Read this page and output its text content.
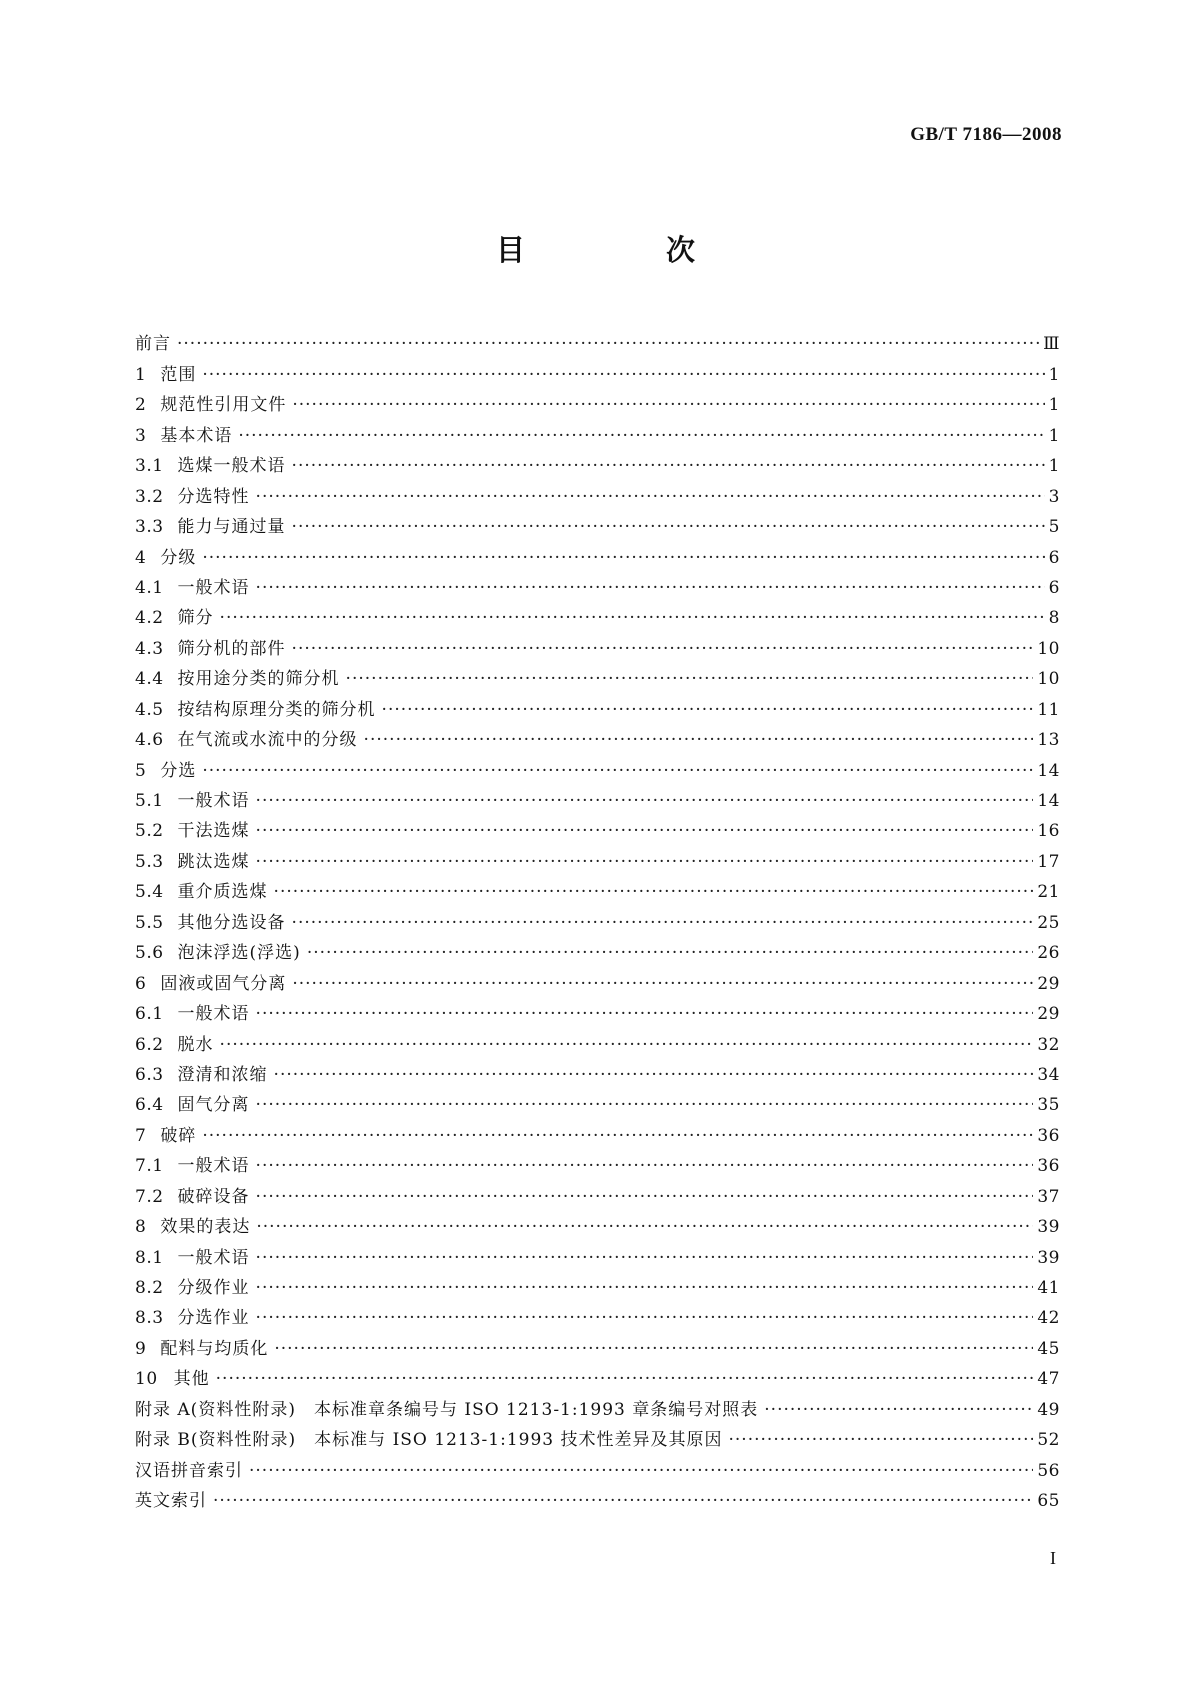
GB/T 7186—2008
目　次
前言 ·····	Ⅲ
1 范围 ·····	1
2 规范性引用文件 ·····	1
3 基本术语 ·····	1
3.1 选煤一般术语 ·····	1
3.2 分选特性 ·····	3
3.3 能力与通过量 ·····	5
4 分级 ·····	6
4.1 一般术语 ·····	6
4.2 筛分 ·····	8
4.3 筛分机的部件 ·····	10
4.4 按用途分类的筛分机 ·····	10
4.5 按结构原理分类的筛分机 ·····	11
4.6 在气流或水流中的分级 ·····	13
5 分选 ·····	14
5.1 一般术语 ·····	14
5.2 干法选煤 ·····	16
5.3 跳汰选煤 ·····	17
5.4 重介质选煤 ·····	21
5.5 其他分选设备 ·····	25
5.6 泡沫浮选(浮选) ·····	26
6 固液或固气分离 ·····	29
6.1 一般术语 ·····	29
6.2 脱水 ·····	32
6.3 澄清和浓缩 ·····	34
6.4 固气分离 ·····	35
7 破碎 ·····	36
7.1 一般术语 ·····	36
7.2 破碎设备 ·····	37
8 效果的表达 ·····	39
8.1 一般术语 ·····	39
8.2 分级作业 ·····	41
8.3 分选作业 ·····	42
9 配料与均质化 ·····	45
10 其他 ·····	47
附录 A(资料性附录)　本标准章条编号与 ISO 1213-1:1993 章条编号对照表 ·····	49
附录 B(资料性附录)　本标准与 ISO 1213-1:1993 技术性差异及其原因 ·····	52
汉语拼音索引 ·····	56
英文索引 ·····	65
I
